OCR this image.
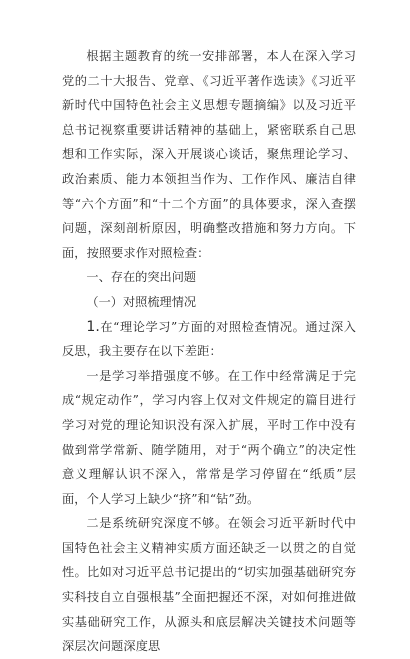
根据主题教育的统一安排部署，本人在深入学习党的二十大报告、党章、《习近平著作选读》《习近平新时代中国特色社会主义思想专题摘编》以及习近平总书记视察重要讲话精神的基础上，紧密联系自己思想和工作实际，深入开展谈心谈话，聚焦理论学习、政治素质、能力本领担当作为、工作作风、廉洁自律等“六个方面”和“十二个方面”的具体要求，深入查摆问题，深刻剖析原因，明确整改措施和努力方向。下面，按照要求作对照检查：

一、存在的突出问题

（一）对照梳理情况

1.在“理论学习”方面的对照检查情况。通过深入反思，我主要存在以下差距：

一是学习举措强度不够。在工作中经常满足于完成“规定动作”，学习内容上仅对文件规定的篇目进行学习对党的理论知识没有深入扩展，平时工作中没有做到常学常新、随学随用，对于“两个确立”的决定性意义理解认识不深入，常常是学习停留在“纸质”层面，个人学习上缺少“挤”和“钻”劲。

二是系统研究深度不够。在领会习近平新时代中国特色社会主义精神实质方面还缺乏一以贯之的自觉性。比如对习近平总书记提出的“切实加强基础研究夯实科技自立自强根基”全面把握还不深，对如何推进做实基础研究工作，从源头和底层解决关键技术问题等深层次问题深度思
